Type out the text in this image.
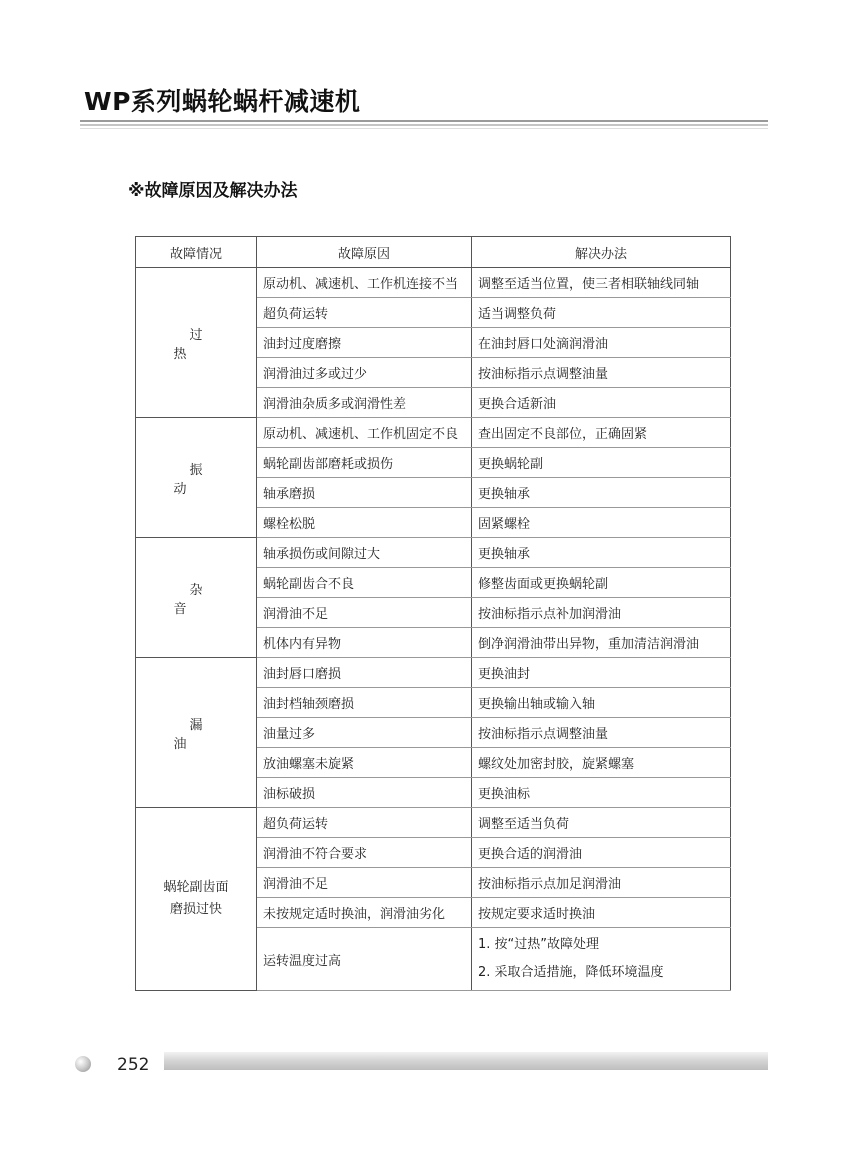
WP系列蜗轮蜗杆减速机
※故障原因及解决办法
故障情况	故障原因	解决办法
过热	原动机、减速机、工作机连接不当	调整至适当位置，使三者相联轴线同轴
	超负荷运转	适当调整负荷
	油封过度磨擦	在油封唇口处滴润滑油
	润滑油过多或过少	按油标指示点调整油量
	润滑油杂质多或润滑性差	更换合适新油
振动	原动机、减速机、工作机固定不良	查出固定不良部位，正确固紧
	蜗轮副齿部磨耗或损伤	更换蜗轮副
	轴承磨损	更换轴承
	螺栓松脱	固紧螺栓
杂音	轴承损伤或间隙过大	更换轴承
	蜗轮副齿合不良	修整齿面或更换蜗轮副
	润滑油不足	按油标指示点补加润滑油
	机体内有异物	倒净润滑油带出异物，重加清洁润滑油
漏油	油封唇口磨损	更换油封
	油封档轴颈磨损	更换输出轴或输入轴
	油量过多	按油标指示点调整油量
	放油螺塞未旋紧	螺纹处加密封胶，旋紧螺塞
	油标破损	更换油标

蜗轮副齿面
磨损过快	超负荷运转	调整至适当负荷
	润滑油不符合要求	更换合适的润滑油
	润滑油不足	按油标指示点加足润滑油
	未按规定适时换油，润滑油劣化	按规定要求适时换油
	运转温度过高	1. 按“过热”故障处理
2. 采取合适措施，降低环境温度
252
